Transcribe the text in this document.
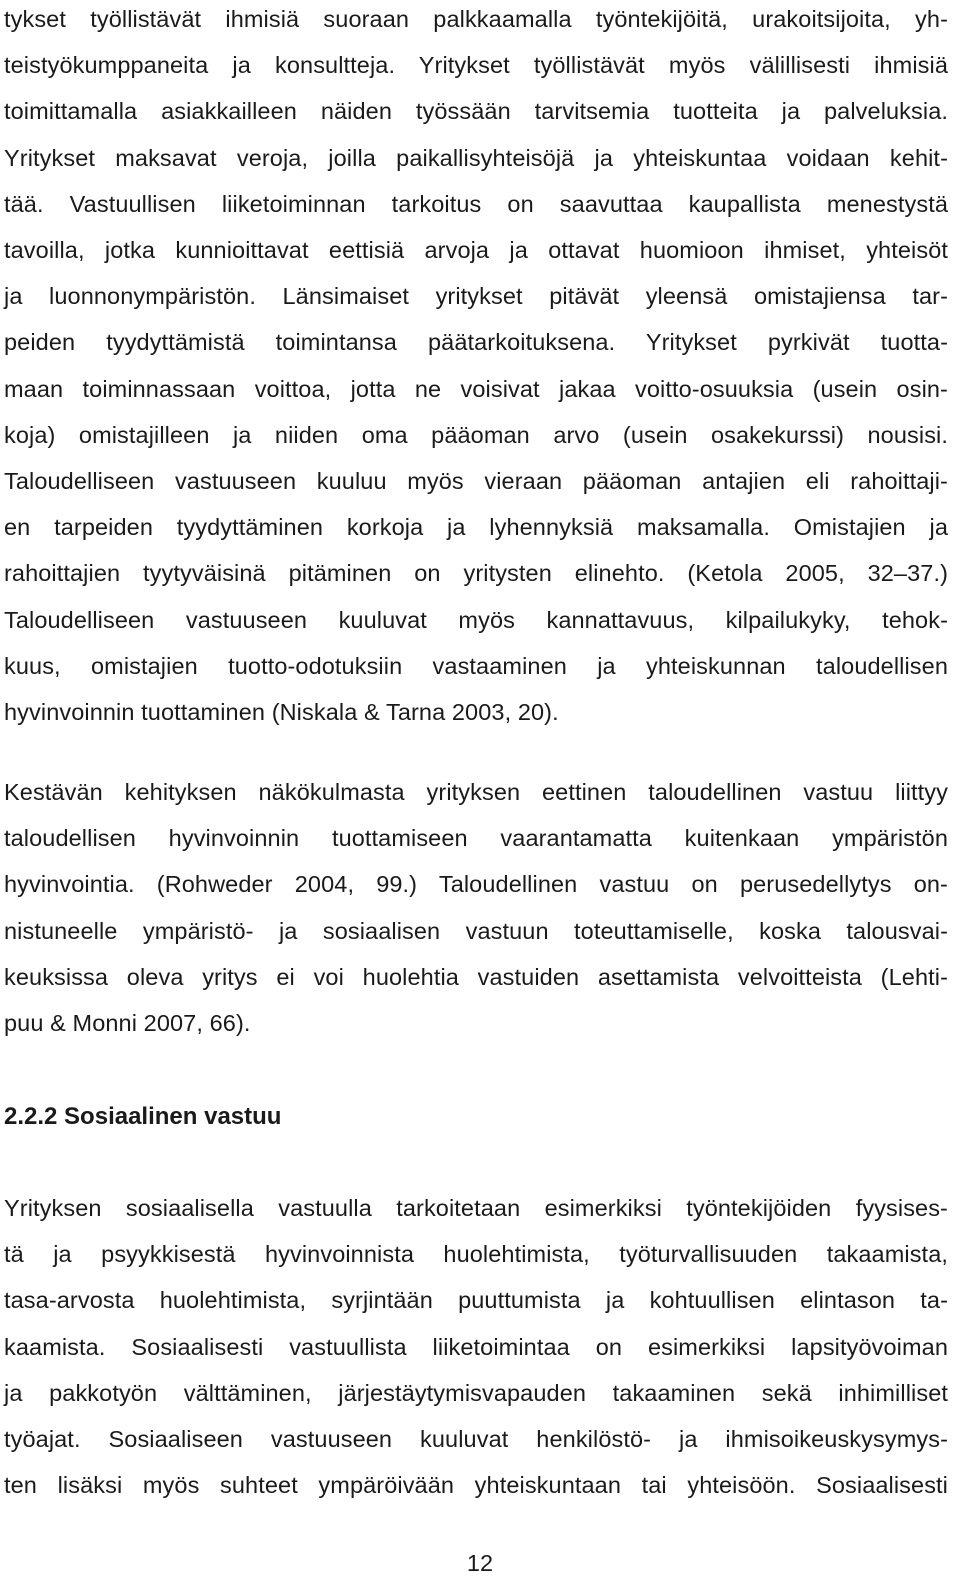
tykset työllistävät ihmisiä suoraan palkkaamalla työntekijöitä, urakoitsijoita, yh-
teistyökumppaneita ja konsultteja. Yritykset työllistävät myös välillisesti ihmisiä
toimittamalla asiakkailleen näiden työssään tarvitsemia tuotteita ja palveluksia.
Yritykset maksavat veroja, joilla paikallisyhteisöjä ja yhteiskuntaa voidaan kehit-
tää. Vastuullisen liiketoiminnan tarkoitus on saavuttaa kaupallista menestystä
tavoilla, jotka kunnioittavat eettisiä arvoja ja ottavat huomioon ihmiset, yhteisöt
ja luonnonympäristön. Länsimaiset yritykset pitävät yleensä omistajiensa tar-
peiden tyydyttämistä toimintansa päätarkoituksena. Yritykset pyrkivät tuotta-
maan toiminnassaan voittoa, jotta ne voisivat jakaa voitto-osuuksia (usein osin-
koja) omistajilleen ja niiden oma pääoman arvo (usein osakekurssi) nousisi.
Taloudelliseen vastuuseen kuuluu myös vieraan pääoman antajien eli rahoittaji-
en tarpeiden tyydyttäminen korkoja ja lyhennyksiä maksamalla. Omistajien ja
rahoittajien tyytyväisinä pitäminen on yritysten elinehto. (Ketola 2005, 32–37.)
Taloudelliseen vastuuseen kuuluvat myös kannattavuus, kilpailukyky, tehok-
kuus, omistajien tuotto-odotuksiin vastaaminen ja yhteiskunnan taloudellisen
hyvinvoinnin tuottaminen (Niskala & Tarna 2003, 20).
Kestävän kehityksen näkökulmasta yrityksen eettinen taloudellinen vastuu liittyy
taloudellisen hyvinvoinnin tuottamiseen vaarantamatta kuitenkaan ympäristön
hyvinvointia. (Rohweder 2004, 99.) Taloudellinen vastuu on perusedellytys on-
nistuneelle ympäristö- ja sosiaalisen vastuun toteuttamiselle, koska talousvai-
keuksissa oleva yritys ei voi huolehtia vastuiden asettamista velvoitteista (Lehti-
puu & Monni 2007, 66).
2.2.2 Sosiaalinen vastuu
Yrityksen sosiaalisella vastuulla tarkoitetaan esimerkiksi työntekijöiden fyysises-
tä ja psyykkisestä hyvinvoinnista huolehtimista, työturvallisuuden takaamista,
tasa-arvosta huolehtimista, syrjintään puuttumista ja kohtuullisen elintason ta-
kaamista. Sosiaalisesti vastuullista liiketoimintaa on esimerkiksi lapsityövoiman
ja pakkotyön välttäminen, järjestäytymisvapauden takaaminen sekä inhimilliset
työajat. Sosiaaliseen vastuuseen kuuluvat henkilöstö- ja ihmisoikeuskysymys-
ten lisäksi myös suhteet ympäröivään yhteiskuntaan tai yhteisöön. Sosiaalisesti

12
